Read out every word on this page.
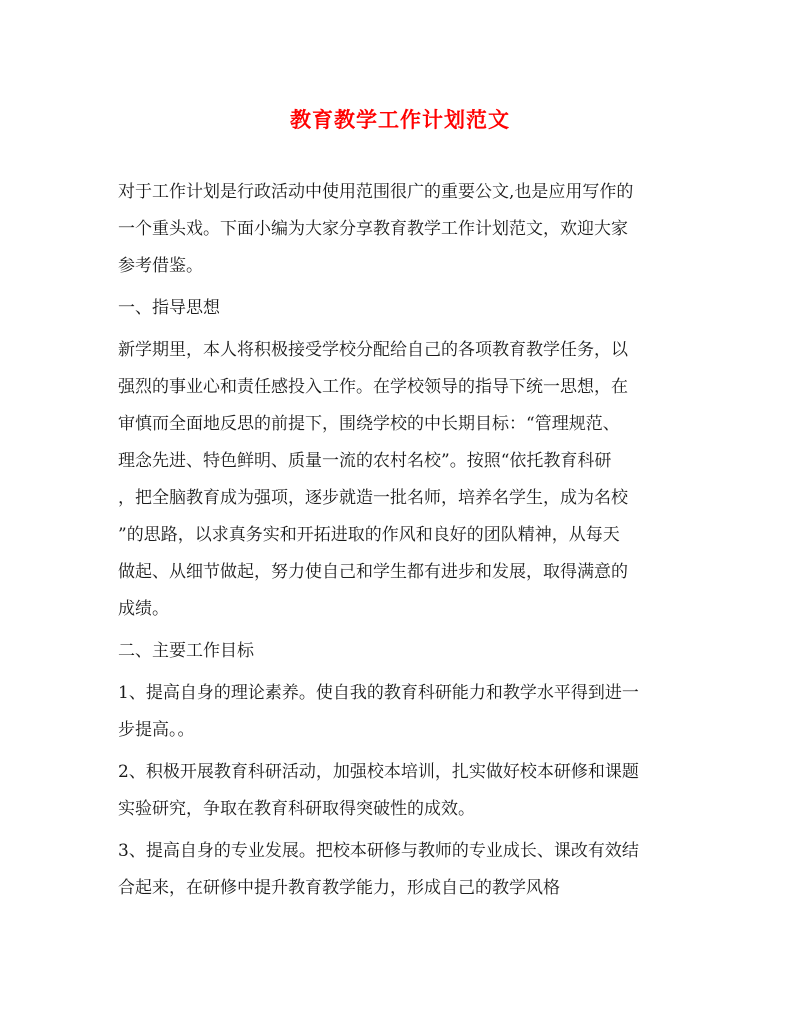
教育教学工作计划范文
对于工作计划是行政活动中使用范围很广的重要公文,也是应用写作的
一个重头戏。下面小编为大家分享教育教学工作计划范文，欢迎大家
参考借鉴。
一、指导思想
新学期里，本人将积极接受学校分配给自己的各项教育教学任务，以
强烈的事业心和责任感投入工作。在学校领导的指导下统一思想，在
审慎而全面地反思的前提下，围绕学校的中长期目标：“管理规范、
理念先进、特色鲜明、质量一流的农村名校”。按照“依托教育科研
，把全脑教育成为强项，逐步就造一批名师，培养名学生，成为名校
”的思路，以求真务实和开拓进取的作风和良好的团队精神，从每天
做起、从细节做起，努力使自己和学生都有进步和发展，取得满意的
成绩。
二、主要工作目标
1、提高自身的理论素养。使自我的教育科研能力和教学水平得到进一
步提高。。
2、积极开展教育科研活动，加强校本培训，扎实做好校本研修和课题
实验研究，争取在教育科研取得突破性的成效。
3、提高自身的专业发展。把校本研修与教师的专业成长、课改有效结
合起来，在研修中提升教育教学能力，形成自己的教学风格
